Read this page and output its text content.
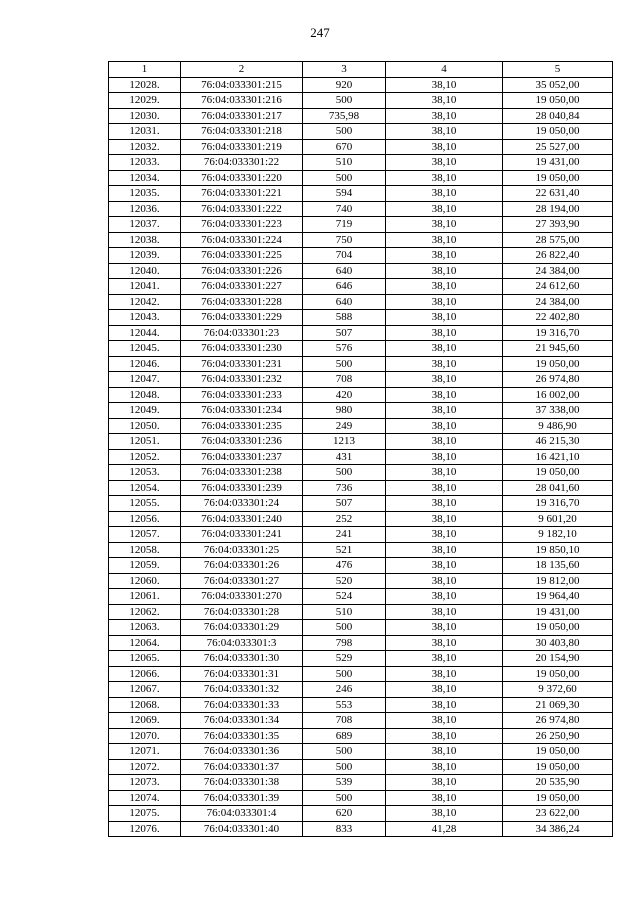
247
1	2	3	4	5
12028.	76:04:033301:215	920	38,10	35 052,00
12029.	76:04:033301:216	500	38,10	19 050,00
12030.	76:04:033301:217	735,98	38,10	28 040,84
12031.	76:04:033301:218	500	38,10	19 050,00
12032.	76:04:033301:219	670	38,10	25 527,00
12033.	76:04:033301:22	510	38,10	19 431,00
12034.	76:04:033301:220	500	38,10	19 050,00
12035.	76:04:033301:221	594	38,10	22 631,40
12036.	76:04:033301:222	740	38,10	28 194,00
12037.	76:04:033301:223	719	38,10	27 393,90
12038.	76:04:033301:224	750	38,10	28 575,00
12039.	76:04:033301:225	704	38,10	26 822,40
12040.	76:04:033301:226	640	38,10	24 384,00
12041.	76:04:033301:227	646	38,10	24 612,60
12042.	76:04:033301:228	640	38,10	24 384,00
12043.	76:04:033301:229	588	38,10	22 402,80
12044.	76:04:033301:23	507	38,10	19 316,70
12045.	76:04:033301:230	576	38,10	21 945,60
12046.	76:04:033301:231	500	38,10	19 050,00
12047.	76:04:033301:232	708	38,10	26 974,80
12048.	76:04:033301:233	420	38,10	16 002,00
12049.	76:04:033301:234	980	38,10	37 338,00
12050.	76:04:033301:235	249	38,10	9 486,90
12051.	76:04:033301:236	1213	38,10	46 215,30
12052.	76:04:033301:237	431	38,10	16 421,10
12053.	76:04:033301:238	500	38,10	19 050,00
12054.	76:04:033301:239	736	38,10	28 041,60
12055.	76:04:033301:24	507	38,10	19 316,70
12056.	76:04:033301:240	252	38,10	9 601,20
12057.	76:04:033301:241	241	38,10	9 182,10
12058.	76:04:033301:25	521	38,10	19 850,10
12059.	76:04:033301:26	476	38,10	18 135,60
12060.	76:04:033301:27	520	38,10	19 812,00
12061.	76:04:033301:270	524	38,10	19 964,40
12062.	76:04:033301:28	510	38,10	19 431,00
12063.	76:04:033301:29	500	38,10	19 050,00
12064.	76:04:033301:3	798	38,10	30 403,80
12065.	76:04:033301:30	529	38,10	20 154,90
12066.	76:04:033301:31	500	38,10	19 050,00
12067.	76:04:033301:32	246	38,10	9 372,60
12068.	76:04:033301:33	553	38,10	21 069,30
12069.	76:04:033301:34	708	38,10	26 974,80
12070.	76:04:033301:35	689	38,10	26 250,90
12071.	76:04:033301:36	500	38,10	19 050,00
12072.	76:04:033301:37	500	38,10	19 050,00
12073.	76:04:033301:38	539	38,10	20 535,90
12074.	76:04:033301:39	500	38,10	19 050,00
12075.	76:04:033301:4	620	38,10	23 622,00
12076.	76:04:033301:40	833	41,28	34 386,24
